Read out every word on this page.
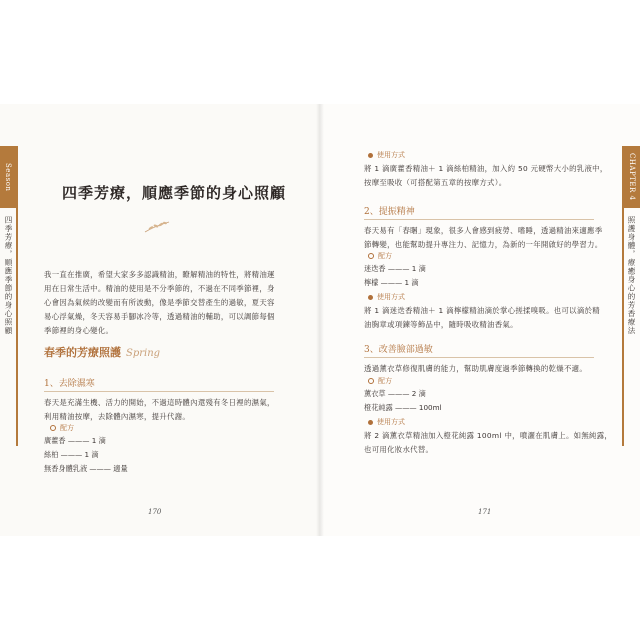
Season
四季芳療，順應季節的身心照顧
四季芳療，順應季節的身心照顧
我一直在推廣，希望大家多多認識精油，瞭解精油的特性，將精油運
用在日常生活中。精油的使用是不分季節的，不過在不同季節裡，身
心會因為氣候的改變而有所波動，像是季節交替產生的過敏，夏天容
易心浮氣燥，冬天容易手腳冰冷等，透過精油的輔助，可以調節每個
季節裡的身心變化。
春季的芳療照護 Spring
1、去除濕寒
春天是充滿生機、活力的開始，不過這時體內還殘有冬日裡的濕氣，
利用精油按摩，去除體內濕寒，提升代謝。
配方
廣藿香 ——— 1 滴
絲柏 ——— 1 滴
無香身體乳液 ——— 適量
170
CHAPTER 4
照護身體，療癒身心的芳香療法
使用方式
將 1 滴廣藿香精油＋ 1 滴絲柏精油，加入約 50 元硬幣大小的乳液中，
按摩至吸收（可搭配第五章的按摩方式）。
2、提振精神
春天易有「春睏」現象，很多人會感到疲勞、嗜睡，透過精油來適應季
節轉變，也能幫助提升專注力、記憶力，為新的一年開啟好的學習力。
配方
迷迭香 ——— 1 滴
檸檬 ——— 1 滴
使用方式
將 1 滴迷迭香精油＋ 1 滴檸檬精油滴於掌心搓揉嗅吸。也可以滴於精
油胸章或項鍊等飾品中，隨時吸收精油香氣。
3、改善臉部過敏
透過薰衣草修復肌膚的能力，幫助肌膚度過季節轉換的乾燥不適。
配方
薰衣草 ——— 2 滴
橙花純露 ——— 100ml
使用方式
將 2 滴薰衣草精油加入橙花純露 100ml 中，噴灑在肌膚上。如無純露，
也可用化妝水代替。
171
